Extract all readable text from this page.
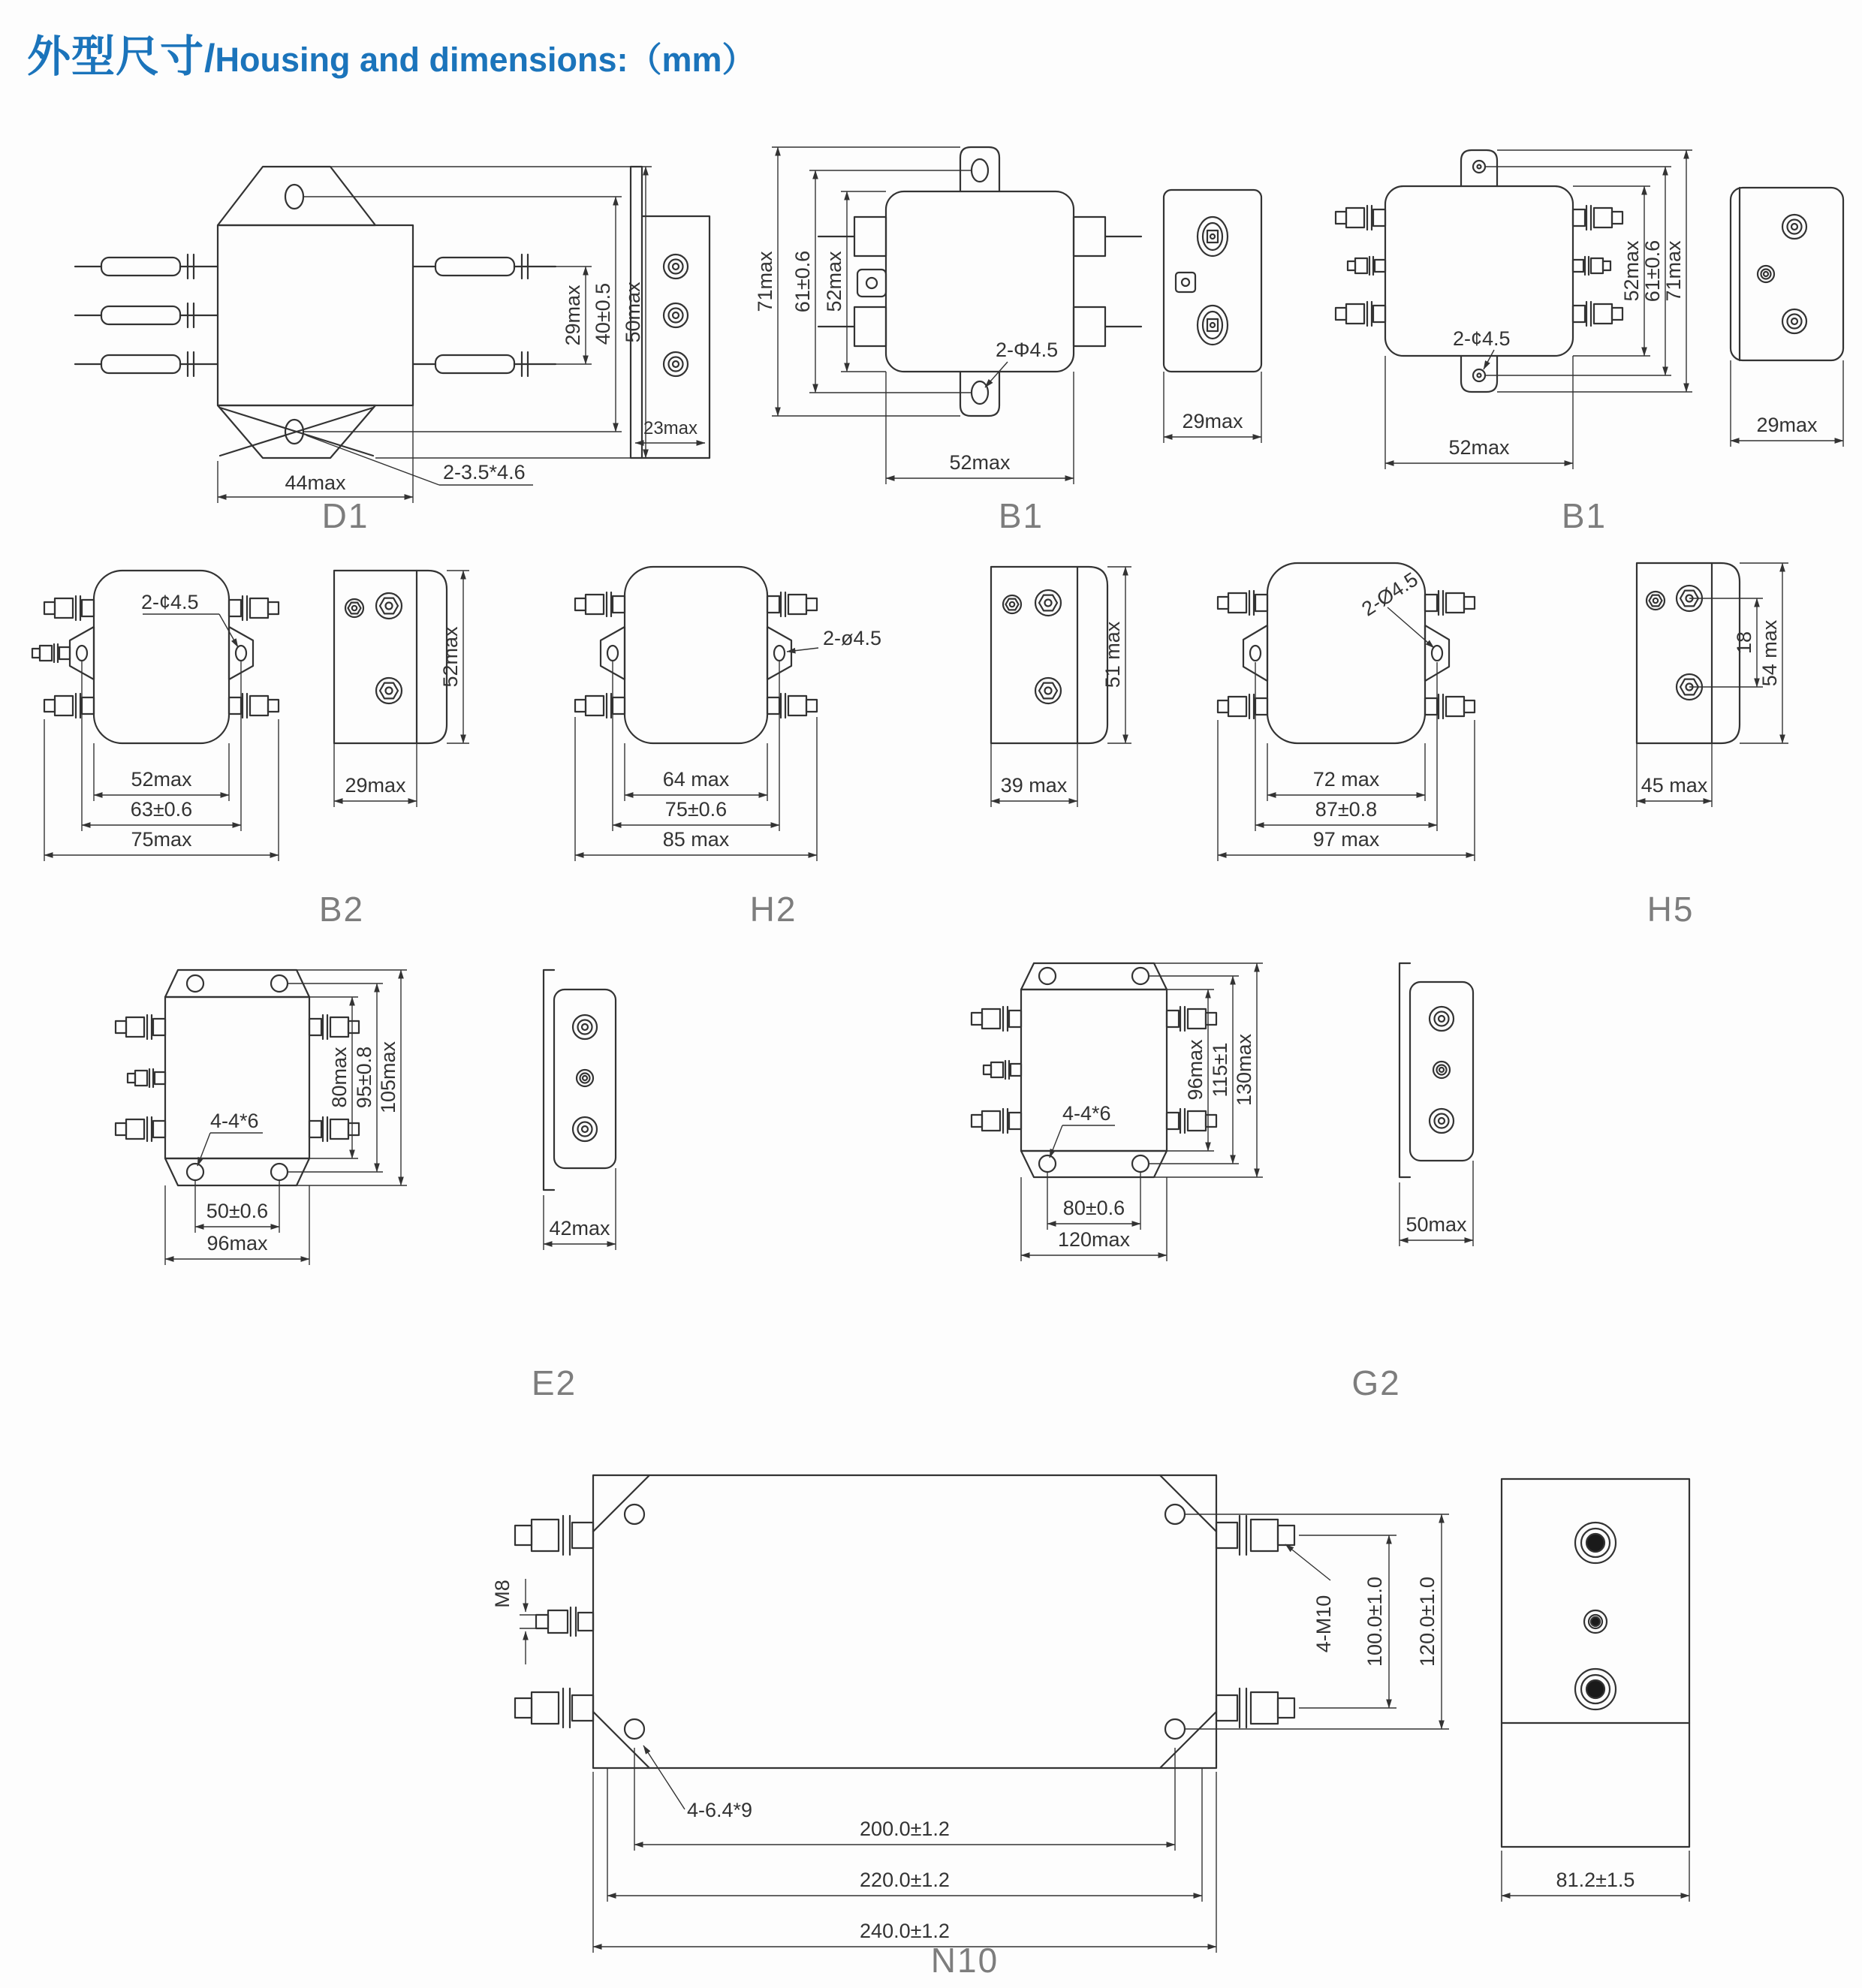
外型尺寸/Housing and dimensions:（mm）
29max 40±0.5 50max
44max	2-3.5*4.6
23max
D1
71max 61±0.6 52max
52max
2-Φ4.5
29max
B1
52max
61±0.6
71max
52max
2-¢4.5
29max
B1
2-¢4.5
52max
63±0.6
75max
52max
29max
B2
2-ø4.5
64 max
75±0.6
85 max
51 max
39 max
H2
2-Ø4.5
72 max
87±0.8
97 max
18 54 max
45 max
H5
4-4*6
80max 95±0.8 105max
50±0.6
96max
42max
E2
4-4*6
96max 115±1 130max
80±0.6
120max
50max
G2
M8
4-M10 100.0±1.0 120.0±1.0
200.0±1.2
220.0±1.2
240.0±1.2
4-6.4*9
81.2±1.5
N10
